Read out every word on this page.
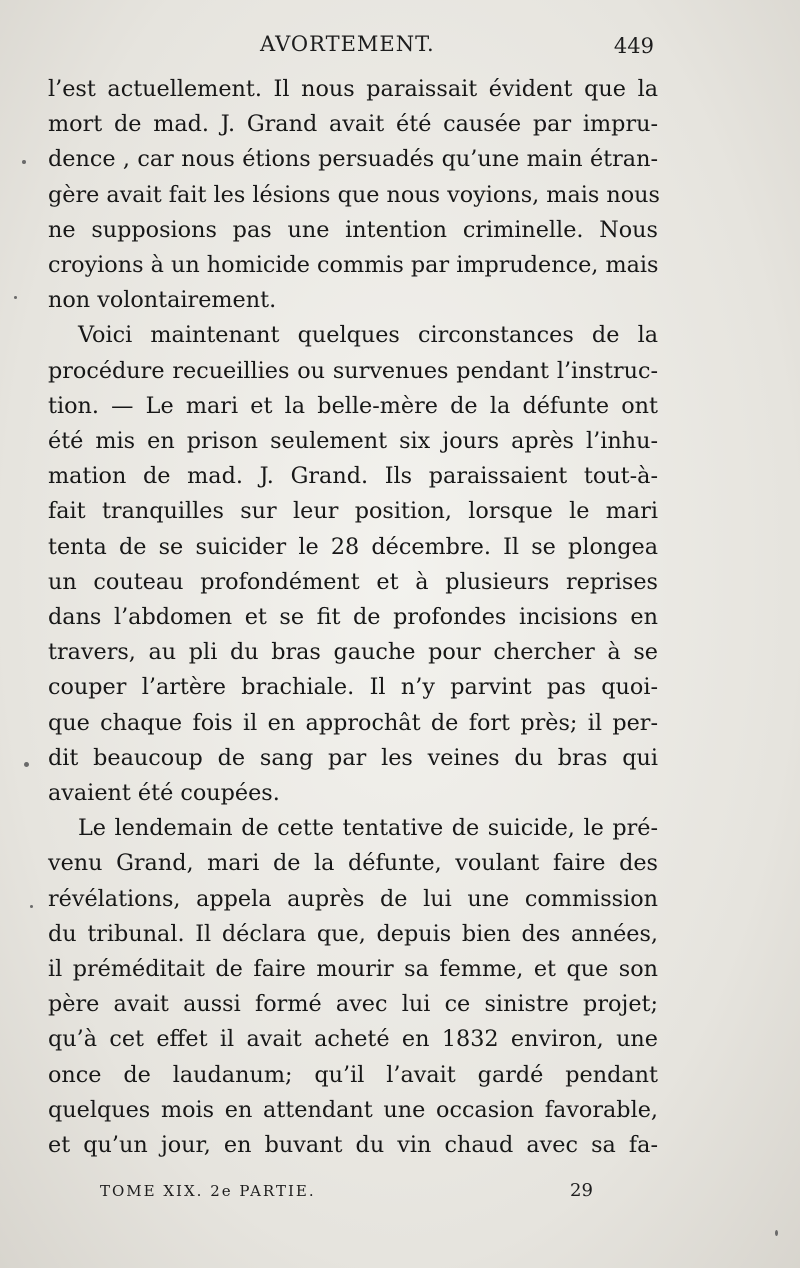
AVORTEMENT.	449
l’est actuellement. Il nous paraissait évident que la
mort de mad. J. Grand avait été causée par impru-
dence , car nous étions persuadés qu’une main étran-
gère avait fait les lésions que nous voyions, mais nous
ne supposions pas une intention criminelle. Nous
croyions à un homicide commis par imprudence, mais
non volontairement.
Voici maintenant quelques circonstances de la
procédure recueillies ou survenues pendant l’instruc-
tion. — Le mari et la belle-mère de la défunte ont
été mis en prison seulement six jours après l’inhu-
mation de mad. J. Grand. Ils paraissaient tout-à-
fait tranquilles sur leur position, lorsque le mari
tenta de se suicider le 28 décembre. Il se plongea
un couteau profondément et à plusieurs reprises
dans l’abdomen et se fit de profondes incisions en
travers, au pli du bras gauche pour chercher à se
couper l’artère brachiale. Il n’y parvint pas quoi-
que chaque fois il en approchât de fort près; il per-
dit beaucoup de sang par les veines du bras qui
avaient été coupées.
Le lendemain de cette tentative de suicide, le pré-
venu Grand, mari de la défunte, voulant faire des
révélations, appela auprès de lui une commission
du tribunal. Il déclara que, depuis bien des années,
il préméditait de faire mourir sa femme, et que son
père avait aussi formé avec lui ce sinistre projet;
qu’à cet effet il avait acheté en 1832 environ, une
once de laudanum; qu’il l’avait gardé pendant
quelques mois en attendant une occasion favorable,
et qu’un jour, en buvant du vin chaud avec sa fa-
TOME XIX. 2e PARTIE.	29
